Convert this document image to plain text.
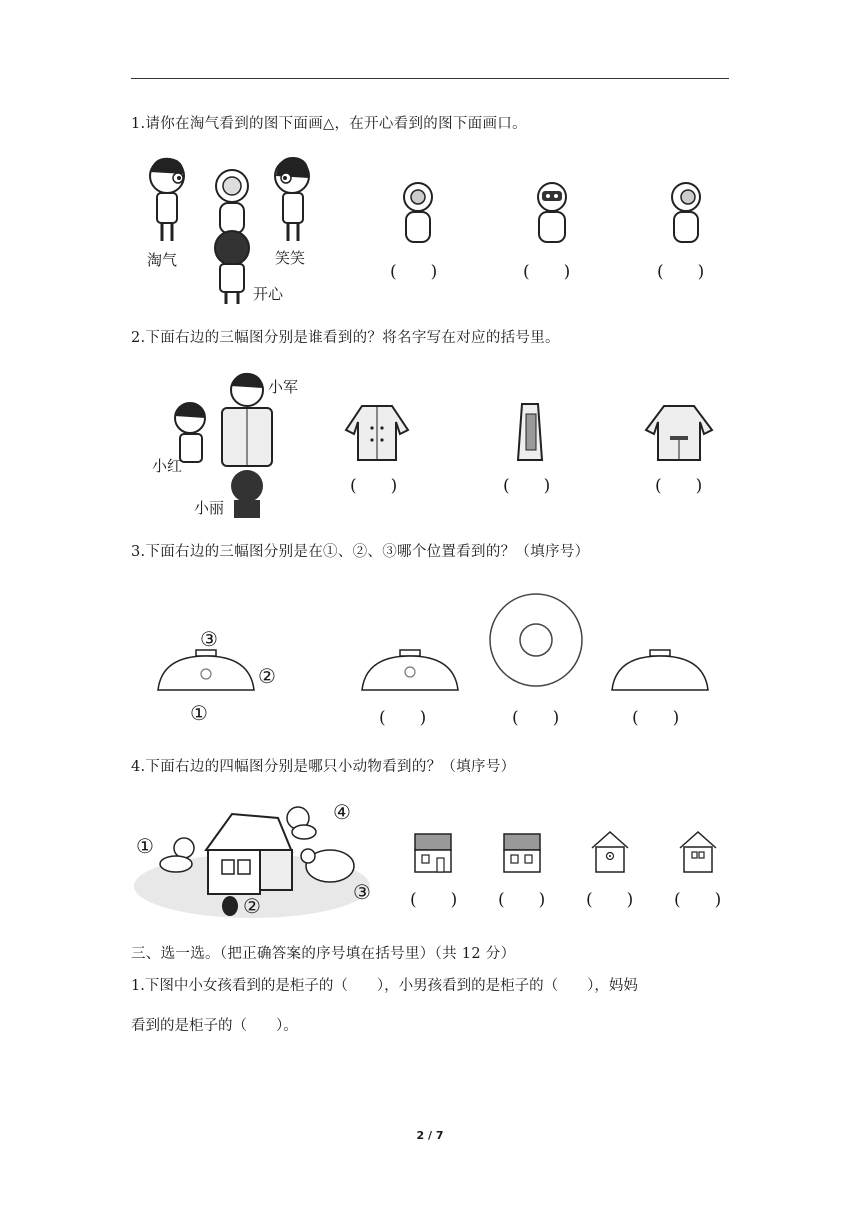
1.请你在淘气看到的图下面画△，在开心看到的图下面画口。
淘气	笑笑
开心
(　　)	(　　)	(　　)
2.下面右边的三幅图分别是谁看到的？将名字写在对应的括号里。
小军
小红
小丽
(　　)	(　　)	(　　)
3.下面右边的三幅图分别是在①、②、③哪个位置看到的？（填序号）
③
②
①	(　　)	(　　)	(　　)
4.下面右边的四幅图分别是哪只小动物看到的？（填序号）
①
②
③
④
(　　) (　　) (　　) (　　)
三、选一选。（把正确答案的序号填在括号里）（共 12 分）
1.下图中小女孩看到的是柜子的（　　），小男孩看到的是柜子的（　　），妈妈
看到的是柜子的（　　）。
2 / 7
